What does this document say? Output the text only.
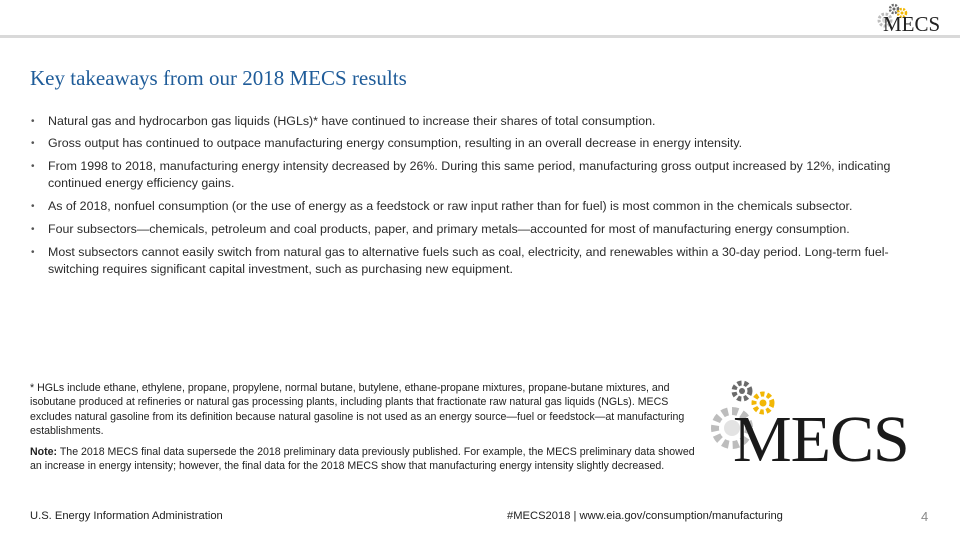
MECS
Key takeaways from our 2018 MECS results
• Natural gas and hydrocarbon gas liquids (HGLs)* have continued to increase their shares of total consumption.
• Gross output has continued to outpace manufacturing energy consumption, resulting in an overall decrease in energy intensity.
• From 1998 to 2018, manufacturing energy intensity decreased by 26%. During this same period, manufacturing gross output increased by 12%, indicating continued energy efficiency gains.
• As of 2018, nonfuel consumption (or the use of energy as a feedstock or raw input rather than for fuel) is most common in the chemicals subsector.
• Four subsectors—chemicals, petroleum and coal products, paper, and primary metals—accounted for most of manufacturing energy consumption.
• Most subsectors cannot easily switch from natural gas to alternative fuels such as coal, electricity, and renewables within a 30-day period. Long-term fuel-switching requires significant capital investment, such as purchasing new equipment.
* HGLs include ethane, ethylene, propane, propylene, normal butane, butylene, ethane-propane mixtures, propane-butane mixtures, and isobutane produced at refineries or natural gas processing plants, including plants that fractionate raw natural gas liquids (NGLs). MECS excludes natural gasoline from its definition because natural gasoline is not used as an energy source—fuel or feedstock—at manufacturing establishments.
Note: The 2018 MECS final data supersede the 2018 preliminary data previously published. For example, the MECS preliminary data showed an increase in energy intensity; however, the final data for the 2018 MECS show that manufacturing energy intensity slightly decreased.	MECS
U.S. Energy Information Administration	#MECS2018 | www.eia.gov/consumption/manufacturing	4
